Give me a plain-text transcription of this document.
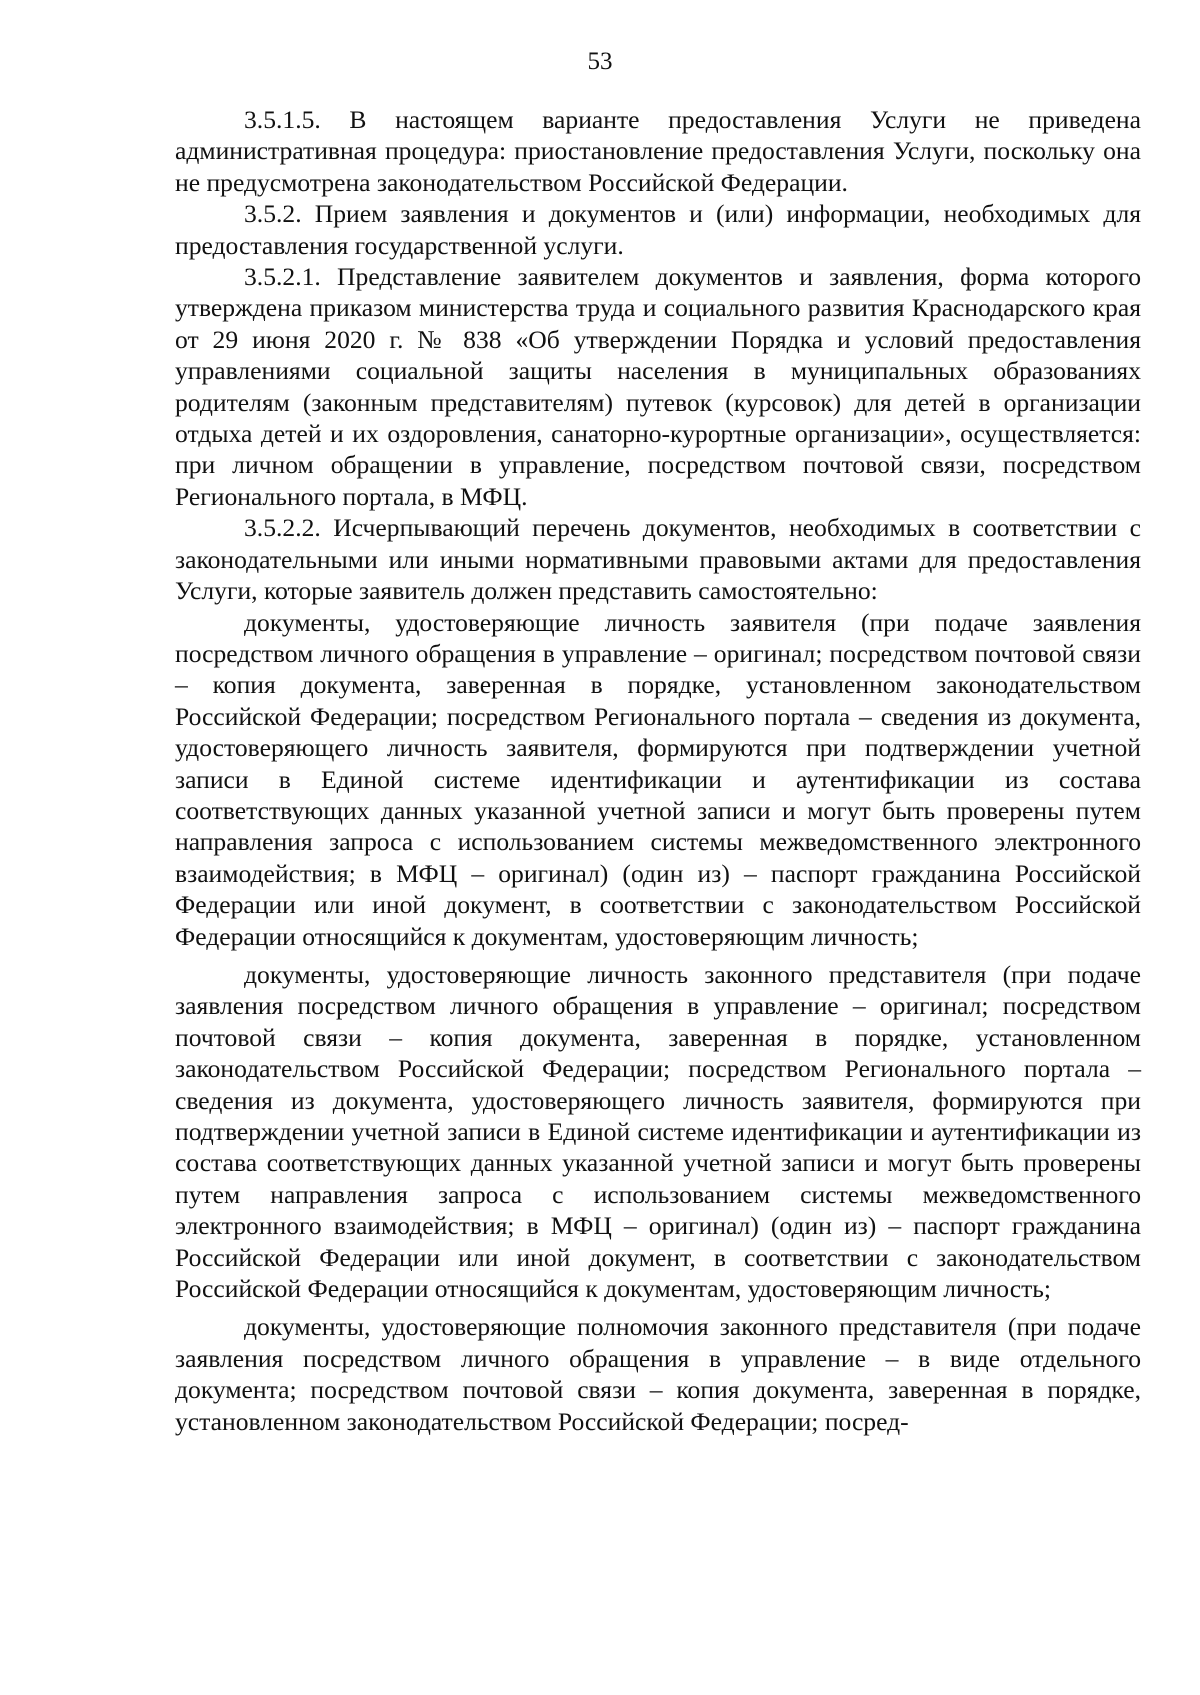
53

3.5.1.5. В настоящем варианте предоставления Услуги не приведена административная процедура: приостановление предоставления Услуги, поскольку она не предусмотрена законодательством Российской Федерации.

3.5.2. Прием заявления и документов и (или) информации, необходимых для предоставления государственной услуги.

3.5.2.1. Представление заявителем документов и заявления, форма которого утверждена приказом министерства труда и социального развития Краснодарского края от 29 июня 2020 г. № 838 «Об утверждении Порядка и условий предоставления управлениями социальной защиты населения в муниципальных образованиях родителям (законным представителям) путевок (курсовок) для детей в организации отдыха детей и их оздоровления, санаторно-курортные организации», осуществляется: при личном обращении в управление, посредством почтовой связи, посредством Регионального портала, в МФЦ.

3.5.2.2. Исчерпывающий перечень документов, необходимых в соответствии с законодательными или иными нормативными правовыми актами для предоставления Услуги, которые заявитель должен представить самостоятельно:

документы, удостоверяющие личность заявителя (при подаче заявления посредством личного обращения в управление – оригинал; посредством почтовой связи – копия документа, заверенная в порядке, установленном законодательством Российской Федерации; посредством Регионального портала – сведения из документа, удостоверяющего личность заявителя, формируются при подтверждении учетной записи в Единой системе идентификации и аутентификации из состава соответствующих данных указанной учетной записи и могут быть проверены путем направления запроса с использованием системы межведомственного электронного взаимодействия; в МФЦ – оригинал) (один из) – паспорт гражданина Российской Федерации или иной документ, в соответствии с законодательством Российской Федерации относящийся к документам, удостоверяющим личность;

документы, удостоверяющие личность законного представителя (при подаче заявления посредством личного обращения в управление – оригинал; посредством почтовой связи – копия документа, заверенная в порядке, установленном законодательством Российской Федерации; посредством Регионального портала – сведения из документа, удостоверяющего личность заявителя, формируются при подтверждении учетной записи в Единой системе идентификации и аутентификации из состава соответствующих данных указанной учетной записи и могут быть проверены путем направления запроса с использованием системы межведомственного электронного взаимодействия; в МФЦ – оригинал) (один из) – паспорт гражданина Российской Федерации или иной документ, в соответствии с законодательством Российской Федерации относящийся к документам, удостоверяющим личность;

документы, удостоверяющие полномочия законного представителя (при подаче заявления посредством личного обращения в управление – в виде отдельного документа; посредством почтовой связи – копия документа, заверенная в порядке, установленном законодательством Российской Федерации; посред-
